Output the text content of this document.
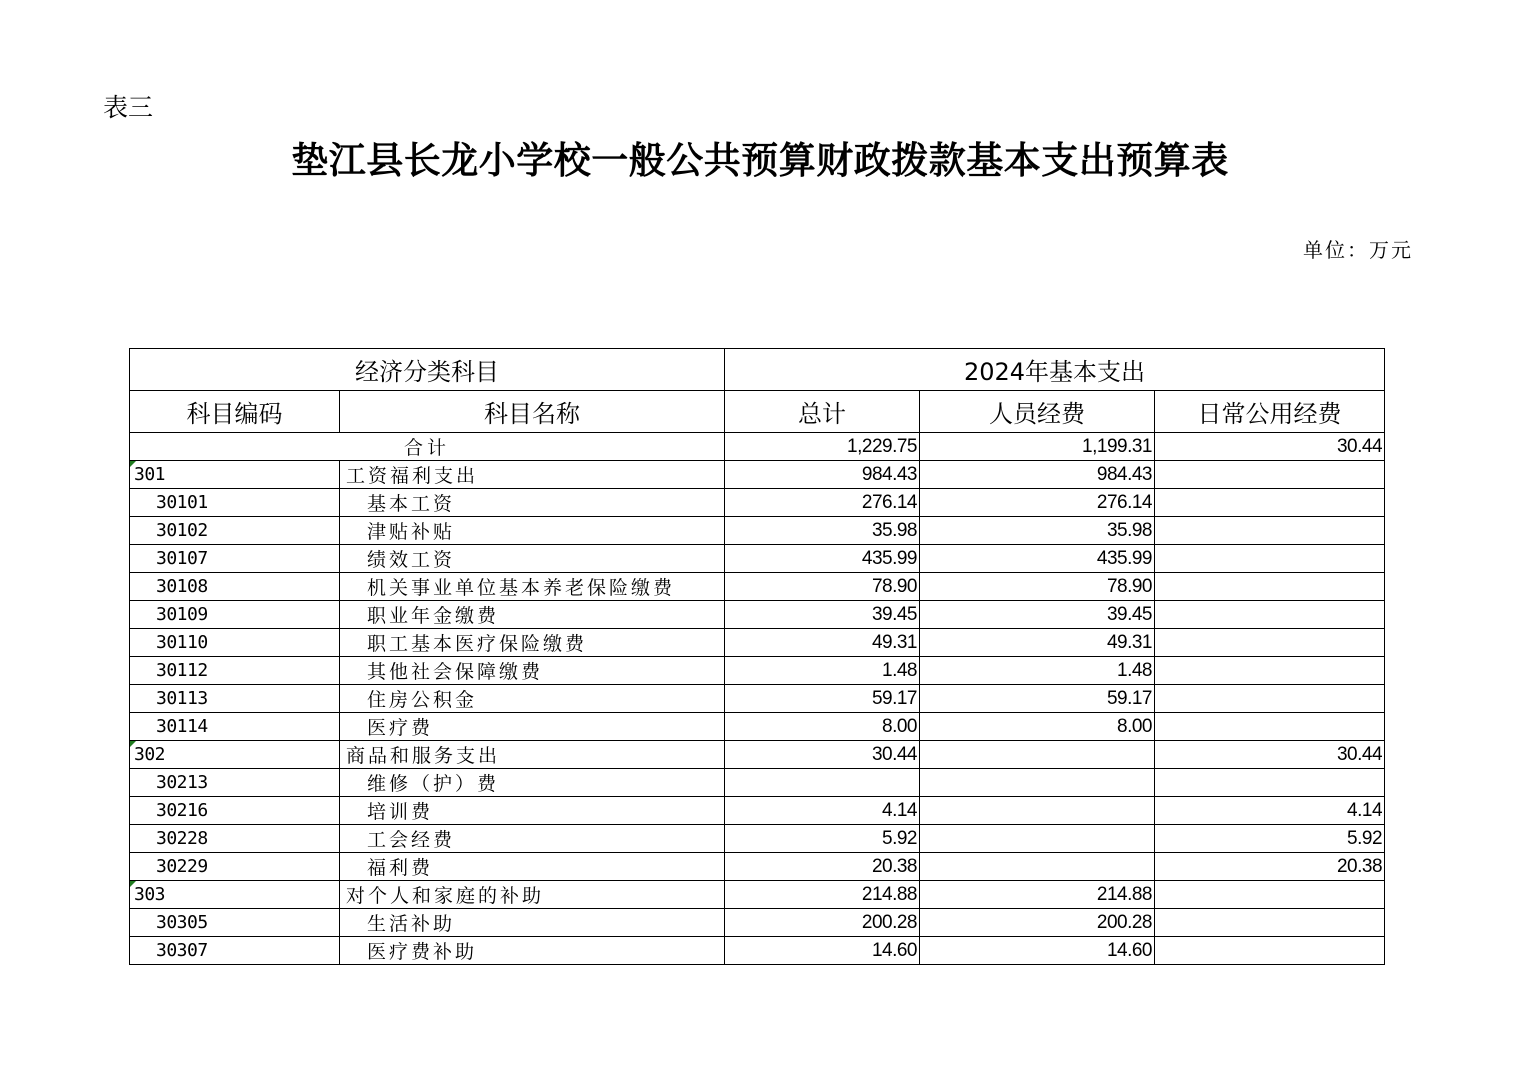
表三
垫江县长龙小学校一般公共预算财政拨款基本支出预算表
单位：万元
经济分类科目		2024年基本支出		
科目编码	科目名称	总计	人员经费	日常公用经费
合计		1,229.75	1,199.31	30.44
301	工资福利支出	984.43	984.43	
30101	基本工资	276.14	276.14	
30102	津贴补贴	35.98	35.98	
30107	绩效工资	435.99	435.99	
30108	机关事业单位基本养老保险缴费	78.90	78.90	
30109	职业年金缴费	39.45	39.45	
30110	职工基本医疗保险缴费	49.31	49.31	
30112	其他社会保障缴费	1.48	1.48	
30113	住房公积金	59.17	59.17	
30114	医疗费	8.00	8.00	
302	商品和服务支出	30.44		30.44
30213	维修（护）费			
30216	培训费	4.14		4.14
30228	工会经费	5.92		5.92
30229	福利费	20.38		20.38
303	对个人和家庭的补助	214.88	214.88	
30305	生活补助	200.28	200.28	
30307	医疗费补助	14.60	14.60	
